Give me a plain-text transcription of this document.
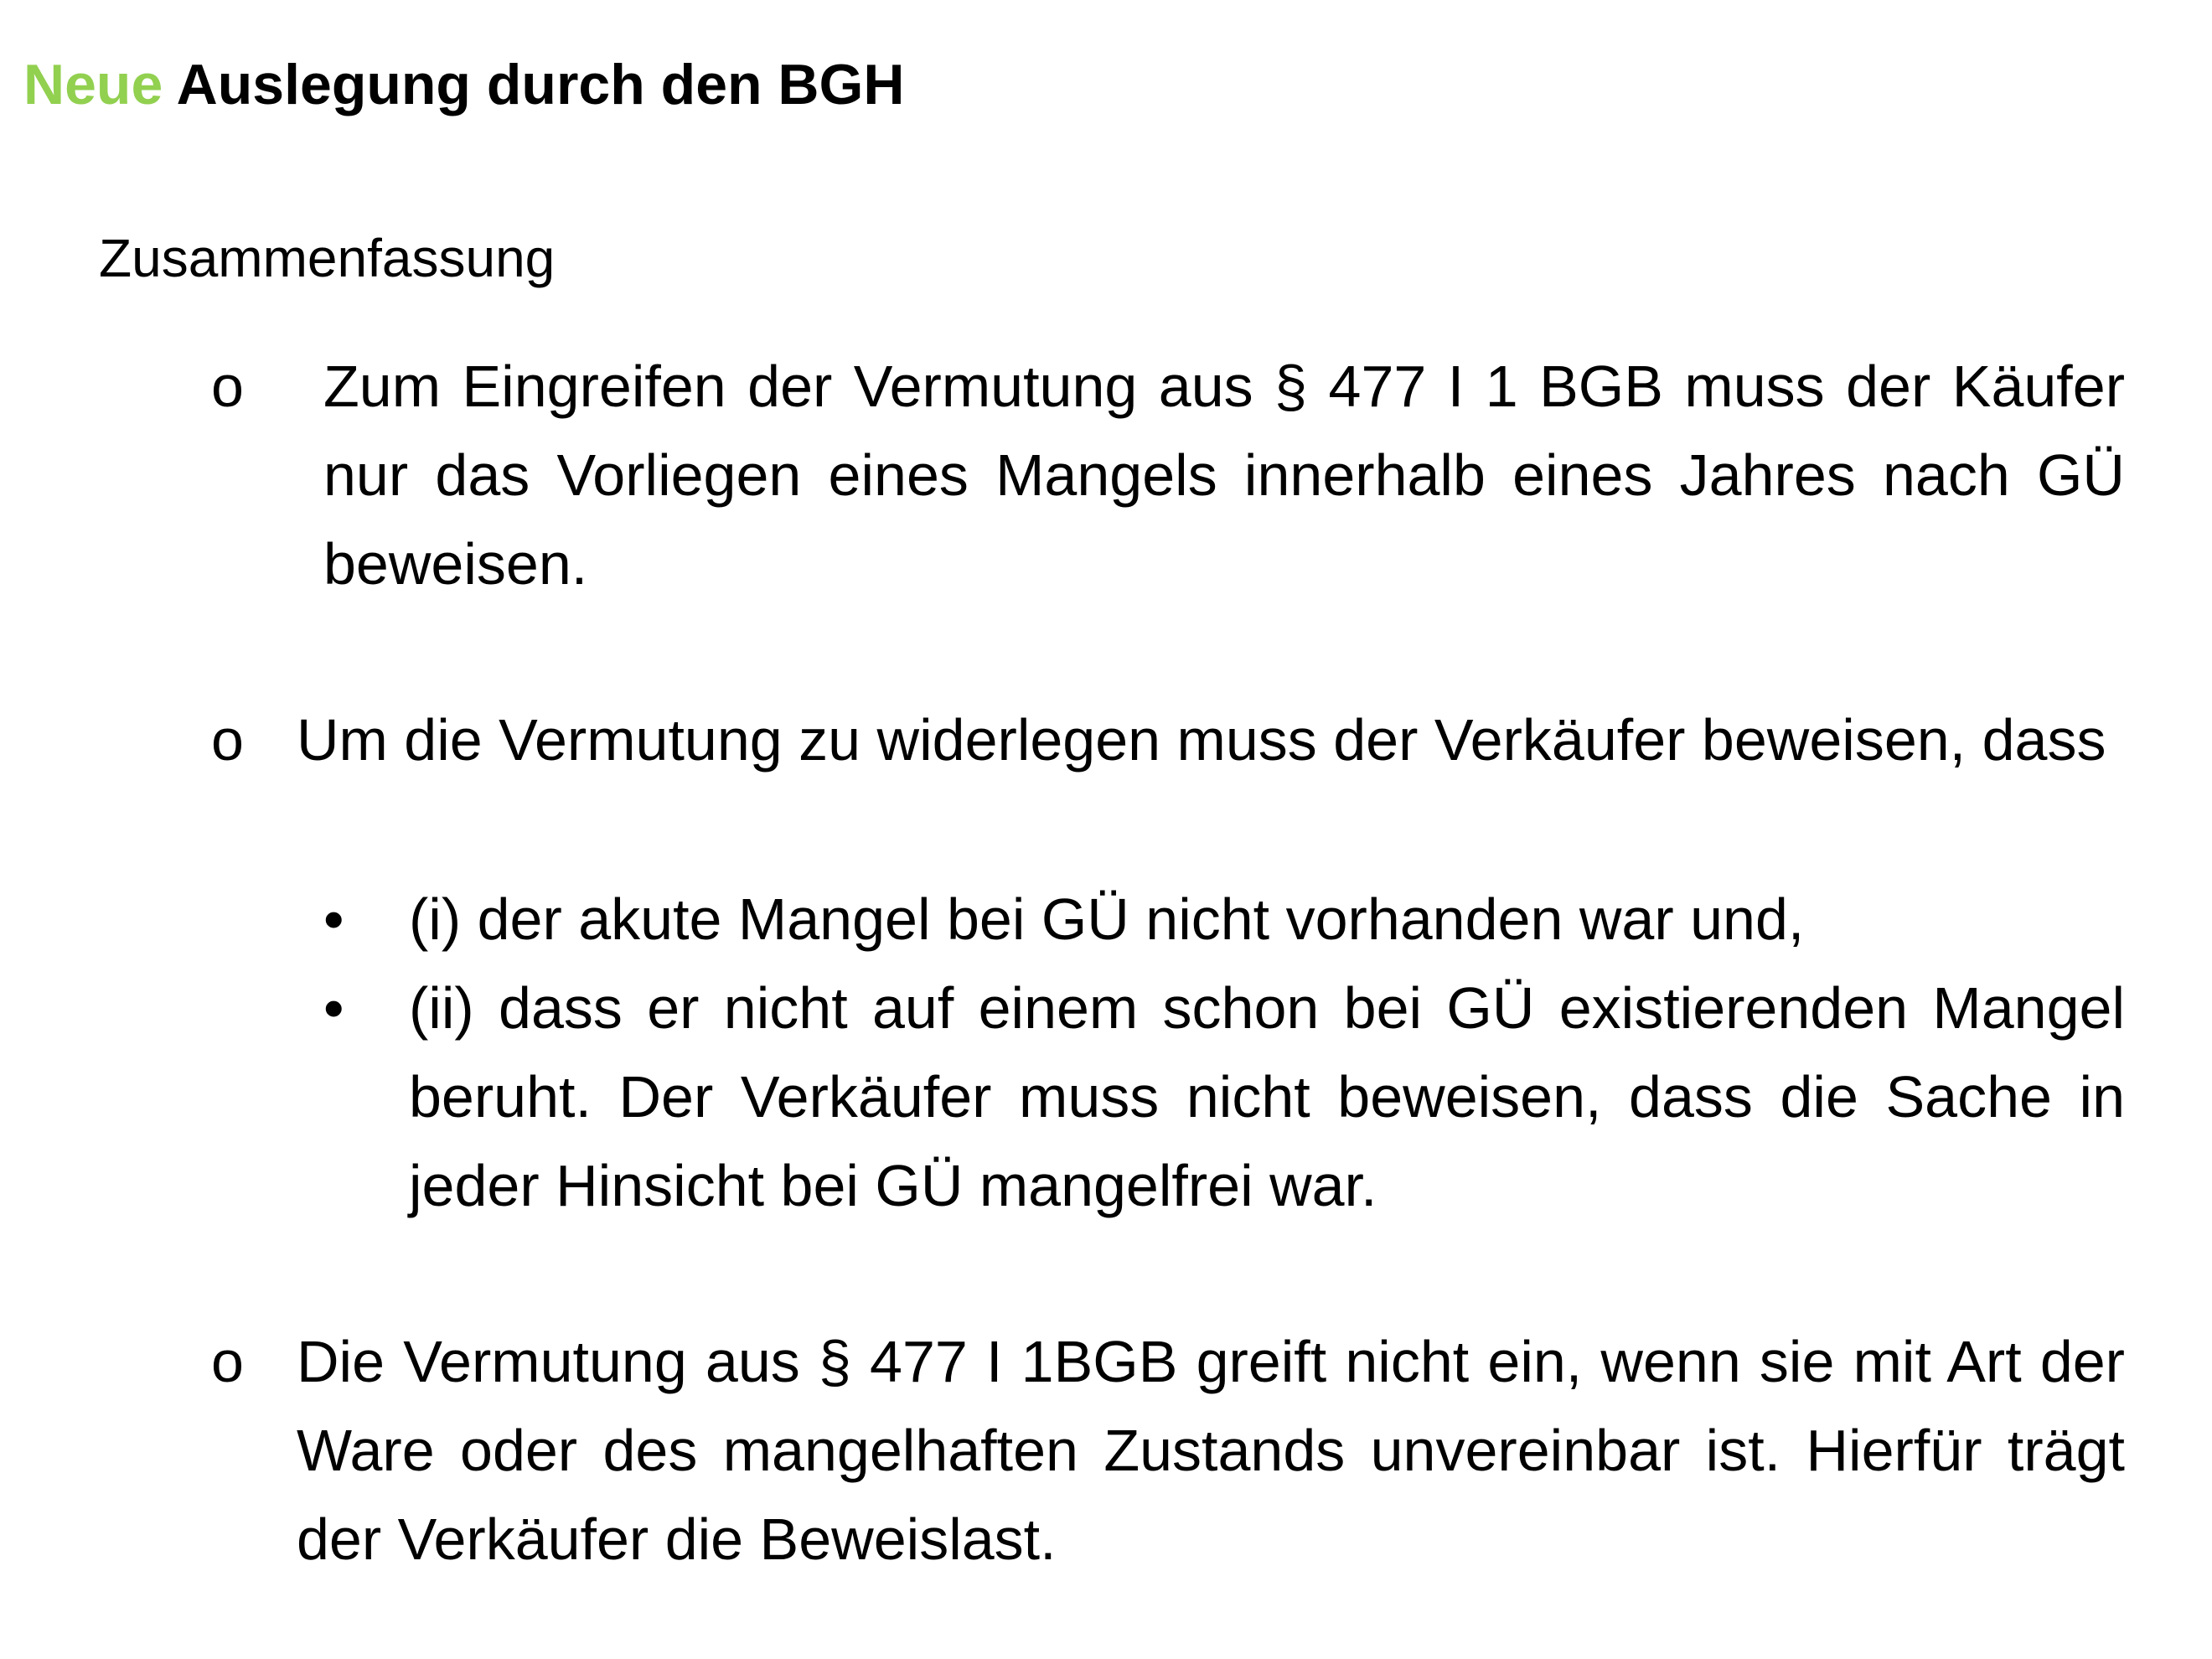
Neue Auslegung durch den BGH
Zusammenfassung
o Zum Eingreifen der Vermutung aus § 477 I 1 BGB muss der Käufer nur das Vorliegen eines Mangels innerhalb eines Jahres nach GÜ beweisen.
o Um die Vermutung zu widerlegen muss der Verkäufer beweisen, dass
• (i) der akute Mangel bei GÜ nicht vorhanden war und,
• (ii) dass er nicht auf einem schon bei GÜ existierenden Mangel beruht. Der Verkäufer muss nicht beweisen, dass die Sache in jeder Hinsicht bei GÜ mangelfrei war.
o Die Vermutung aus § 477 I 1BGB greift nicht ein, wenn sie mit Art der Ware oder des mangelhaften Zustands unvereinbar ist. Hierfür trägt der Verkäufer die Beweislast.
